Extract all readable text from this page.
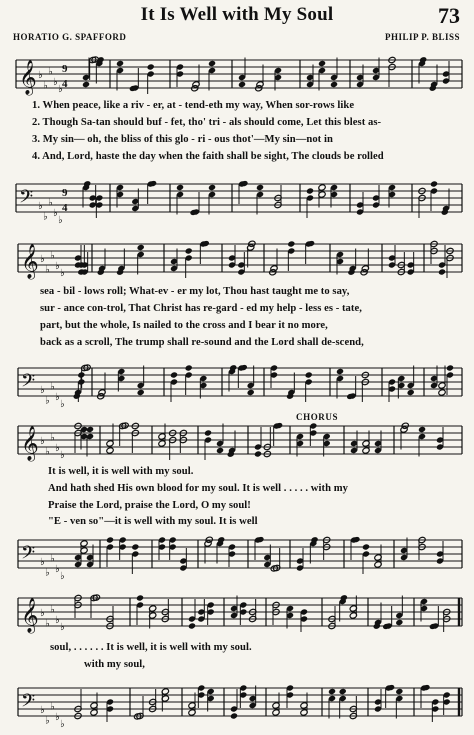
It Is Well with My Soul	73
HORATIO G. SPAFFORD	PHILIP P. BLISS
𝄞 ♭
♭
♭
♭
♭
9
4
𝄢 ♭
♭
♭
♭
♭
9
4
𝄞 ♭
♭
♭
♭
♭
𝄢 ♭
♭
♭
♭
♭
𝄞 ♭
♭
♭
♭
♭
𝄢 ♭
♭
♭
♭
♭
𝄞 ♭
♭
♭
♭
♭
𝄢 ♭
♭
♭
♭
♭
1. When peace, like a riv - er, at - tend-eth my way, When sor-rows like
2. Though Sa-tan should buf - fet, tho' tri - als should come, Let this blest as-
3. My sin— oh, the bliss of this glo - ri - ous thot'—My sin—not in
4. And, Lord, haste the day when the faith shall be sight, The clouds be rolled
sea - bil - lows roll; What-ev - er my lot, Thou hast taught me to say,
sur - ance con-trol, That Christ has re-gard - ed my help - less es - tate,
part, but the whole, Is nailed to the cross and I bear it no more,
back as a scroll, The trump shall re-sound and the Lord shall de-scend,
CHORUS
It is well, it is well with my soul.
And hath shed His own blood for my soul. It is well . . . . . with my
Praise the Lord, praise the Lord, O my soul!
"E - ven so"—it is well with my soul. It is well
soul, . . . . . . It is well, it is well with my soul.
with my soul,
